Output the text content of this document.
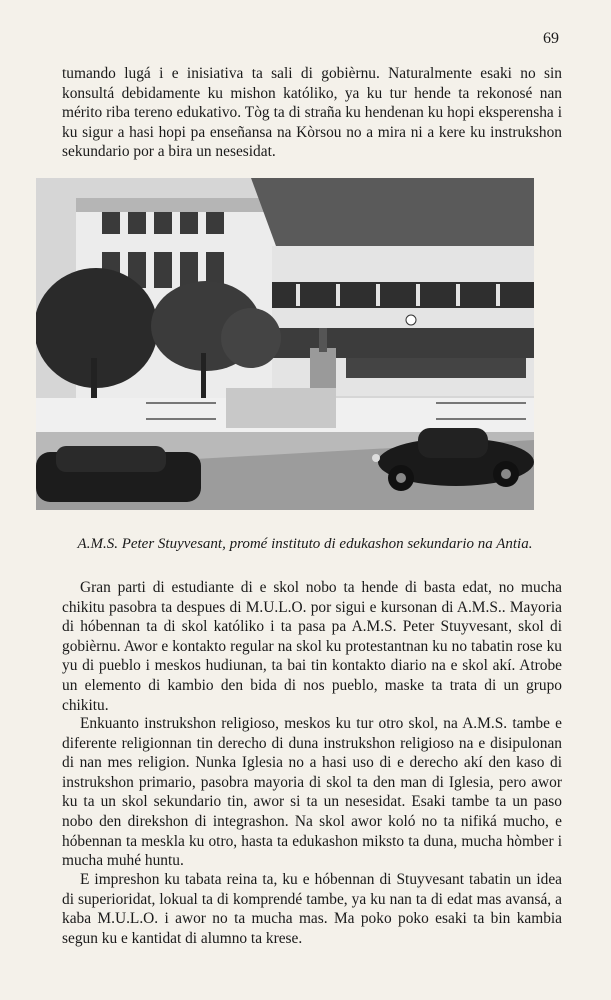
69

tumando lugá i e inisiativa ta sali di gobièrnu. Naturalmente esaki no sin konsultá debidamente ku mishon katóliko, ya ku tur hende ta rekonosé nan mérito riba tereno edukativo. Tòg ta di straña ku hendenan ku hopi eksperensha i ku sigur a hasi hopi pa enseñansa na Kòrsou no a mira ni a kere ku instrukshon sekundario por a bira un nesesidat.

A.M.S. Peter Stuyvesant, promé instituto di edukashon sekundario na Antia.

Gran parti di estudiante di e skol nobo ta hende di basta edat, no mucha chikitu pasobra ta despues di M.U.L.O. por sigui e kursonan di A.M.S.. Mayoria di hóbennan ta di skol katóliko i ta pasa pa A.M.S. Peter Stuyvesant, skol di gobièrnu. Awor e kontakto regular na skol ku protestantnan ku no tabatin rose ku yu di pueblo i meskos hudiunan, ta bai tin kontakto diario na e skol akí. Atrobe un elemento di kambio den bida di nos pueblo, maske ta trata di un grupo chikitu.

Enkuanto instrukshon religioso, meskos ku tur otro skol, na A.M.S. tambe e diferente religionnan tin derecho di duna instrukshon religioso na e disipulonan di nan mes religion. Nunka Iglesia no a hasi uso di e derecho akí den kaso di instrukshon primario, pasobra mayoria di skol ta den man di Iglesia, pero awor ku ta un skol sekundario tin, awor si ta un nesesidat. Esaki tambe ta un paso nobo den direkshon di integrashon. Na skol awor koló no ta nifiká mucho, e hóbennan ta meskla ku otro, hasta ta edukashon miksto ta duna, mucha hòmber i mucha muhé huntu.

E impreshon ku tabata reina ta, ku e hóbennan di Stuyvesant tabatin un idea di superioridat, lokual ta di komprendé tambe, ya ku nan ta di edat mas avansá, a kaba M.U.L.O. i awor no ta mucha mas. Ma poko poko esaki ta bin kambia segun ku e kantidat di alumno ta krese.
